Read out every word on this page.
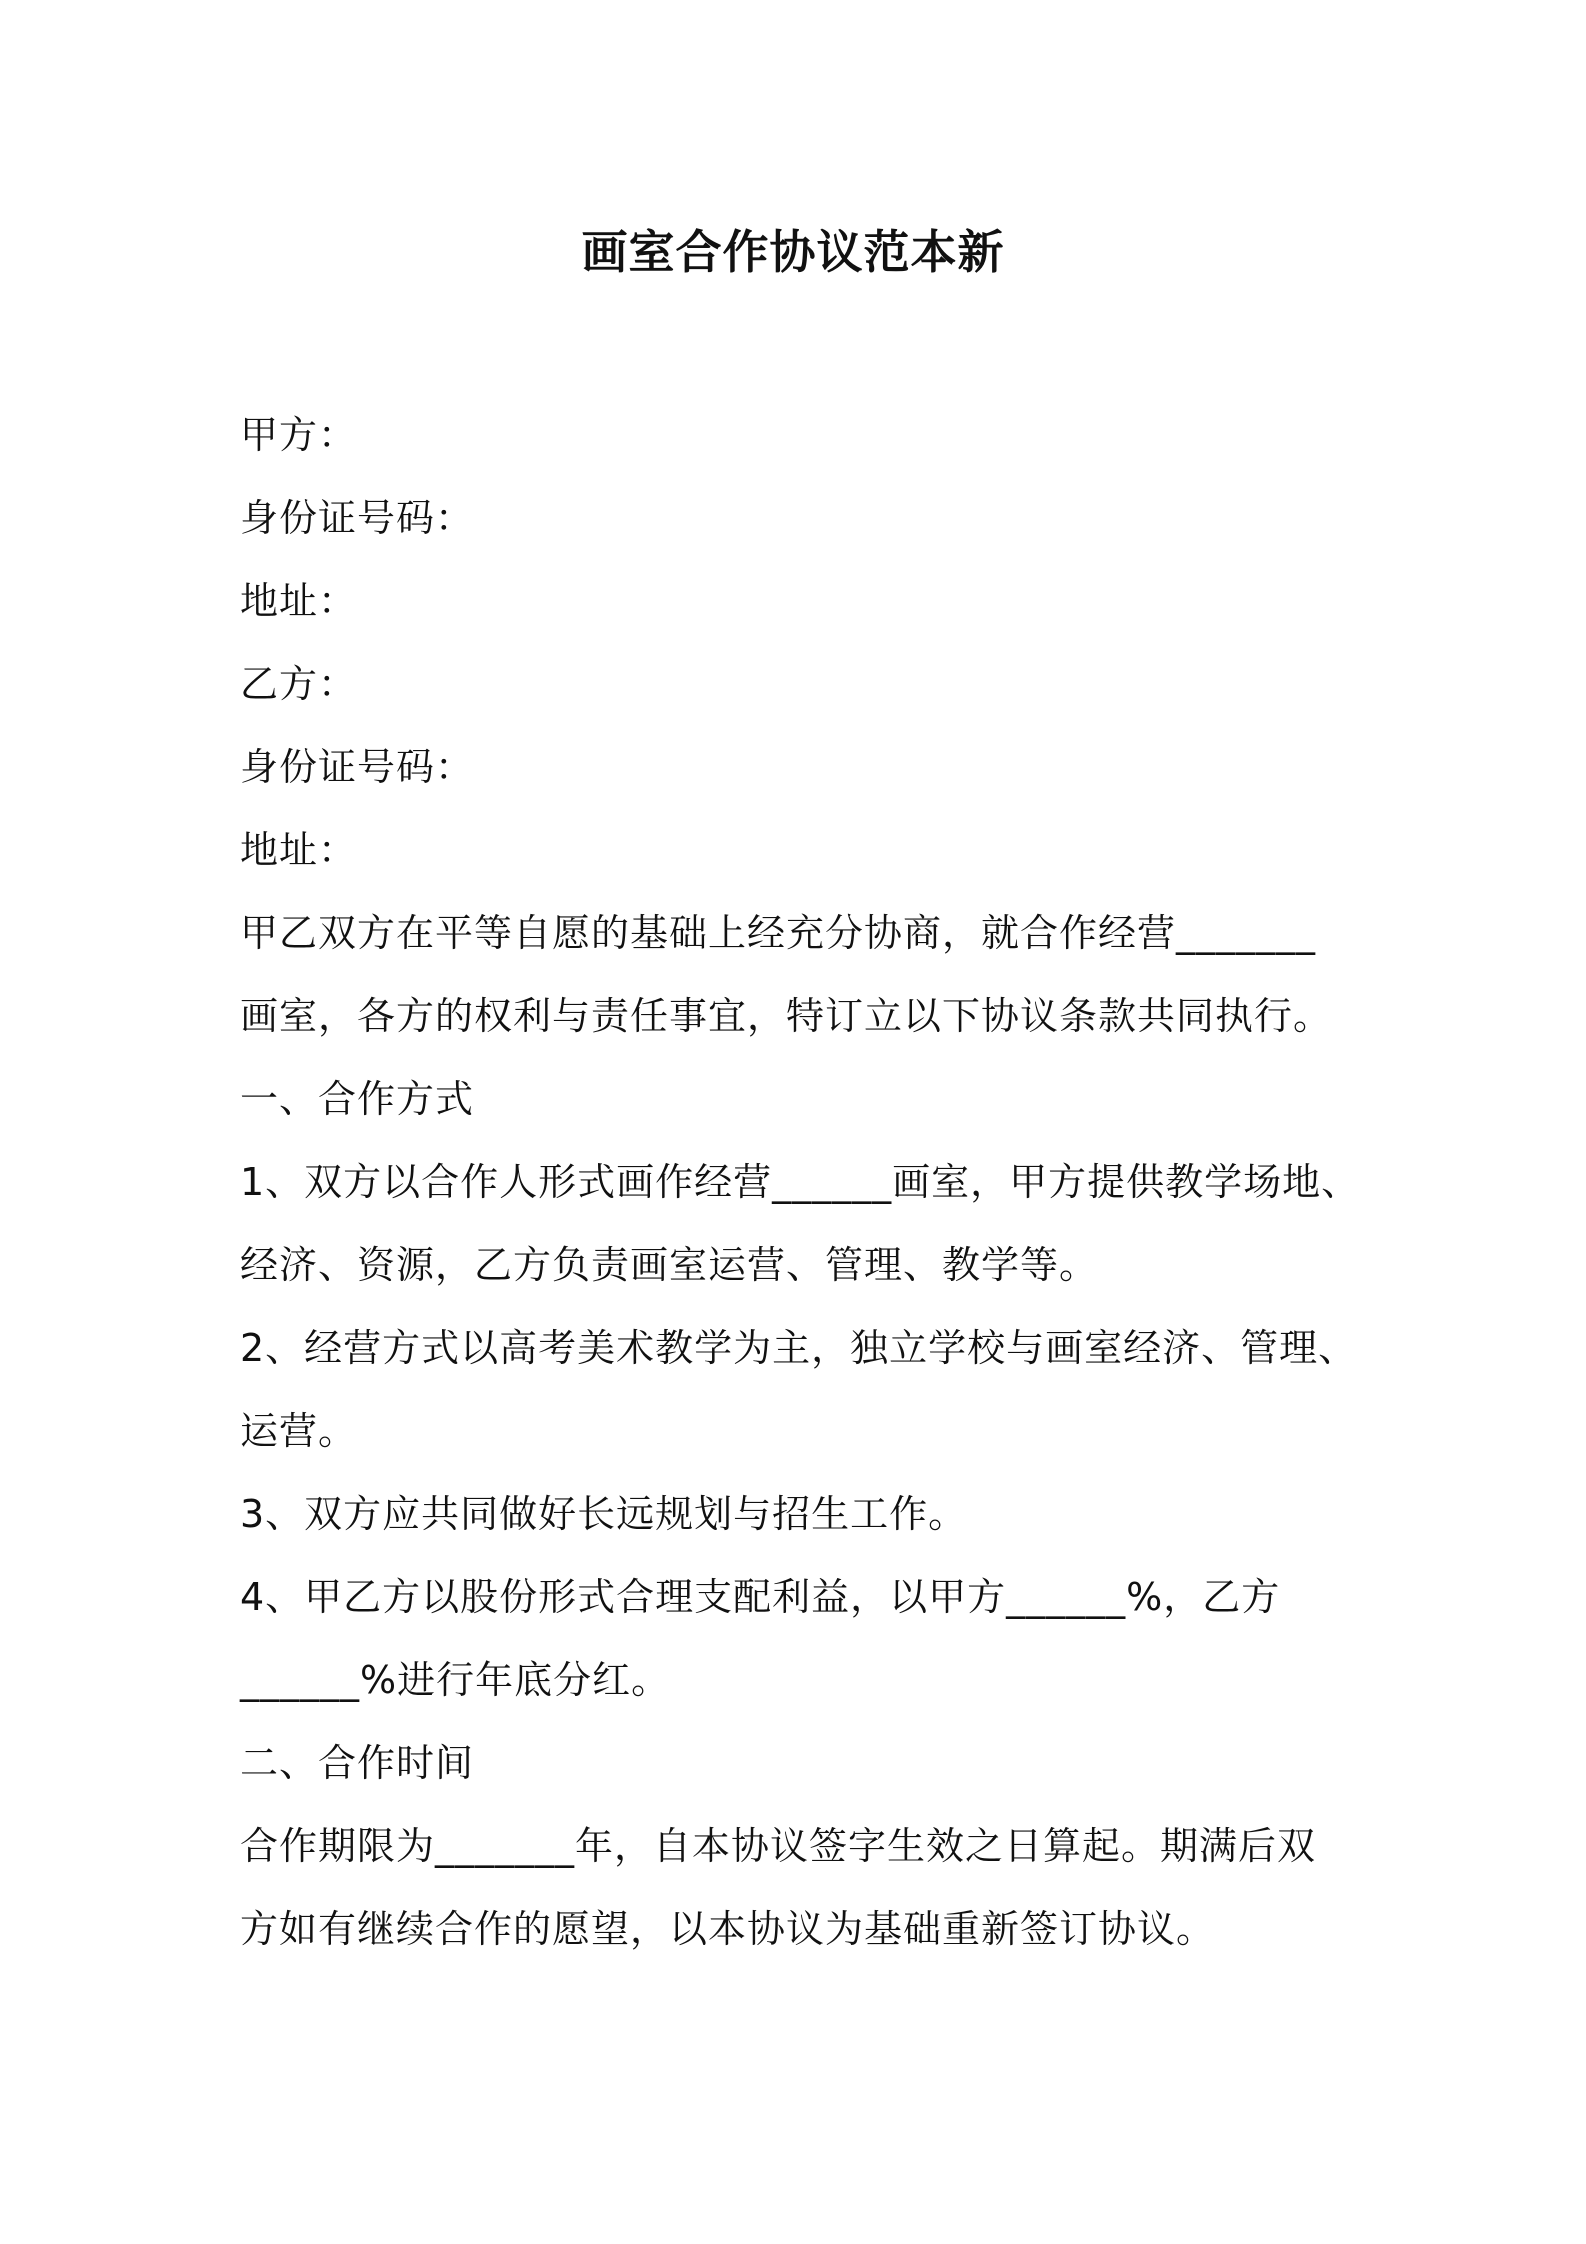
画室合作协议范本新
甲方：
身份证号码：
地址：
乙方：
身份证号码：
地址：
甲乙双方在平等自愿的基础上经充分协商，就合作经营_______
画室，各方的权利与责任事宜，特订立以下协议条款共同执行。
一、合作方式
1、双方以合作人形式画作经营______画室，甲方提供教学场地、
经济、资源，乙方负责画室运营、管理、教学等。
2、经营方式以高考美术教学为主，独立学校与画室经济、管理、
运营。
3、双方应共同做好长远规划与招生工作。
4、甲乙方以股份形式合理支配利益，以甲方______%，乙方
______%进行年底分红。
二、合作时间
合作期限为_______年，自本协议签字生效之日算起。期满后双
方如有继续合作的愿望，以本协议为基础重新签订协议。
